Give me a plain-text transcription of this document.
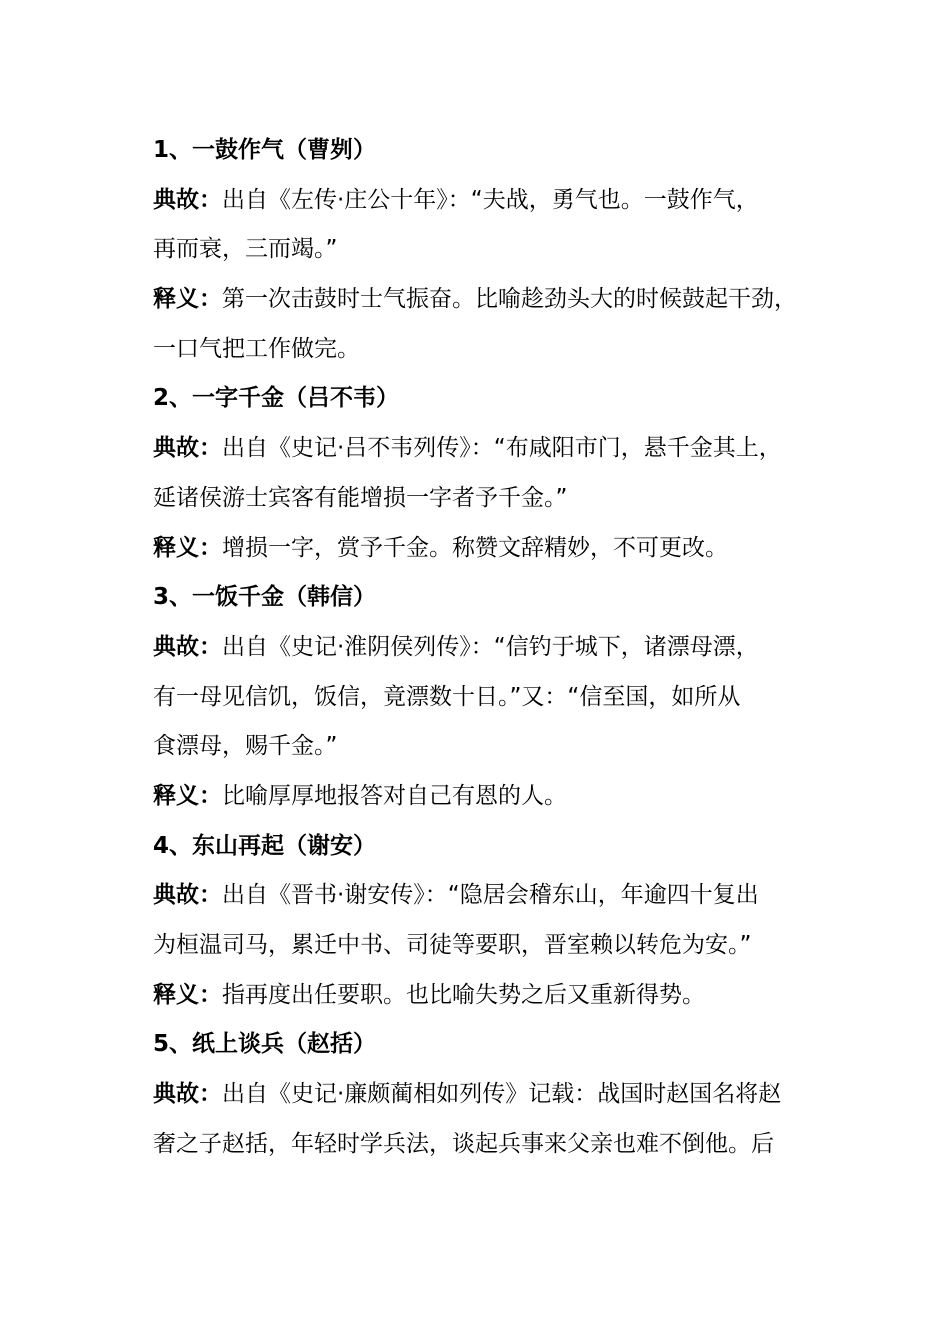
1、一鼓作气（曹刿）
典故：出自《左传·庄公十年》：“夫战，勇气也。一鼓作气，
再而衰，三而竭。”
释义：第一次击鼓时士气振奋。比喻趁劲头大的时候鼓起干劲，
一口气把工作做完。
2、一字千金（吕不韦）
典故：出自《史记·吕不韦列传》：“布咸阳市门，悬千金其上，
延诸侯游士宾客有能增损一字者予千金。”
释义：增损一字，赏予千金。称赞文辞精妙，不可更改。
3、一饭千金（韩信）
典故：出自《史记·淮阴侯列传》：“信钓于城下，诸漂母漂，
有一母见信饥，饭信，竟漂数十日。”又：“信至国，如所从
食漂母，赐千金。”
释义：比喻厚厚地报答对自己有恩的人。
4、东山再起（谢安）
典故：出自《晋书·谢安传》：“隐居会稽东山，年逾四十复出
为桓温司马，累迁中书、司徒等要职，晋室赖以转危为安。”
释义：指再度出任要职。也比喻失势之后又重新得势。
5、纸上谈兵（赵括）
典故：出自《史记·廉颇蔺相如列传》记载：战国时赵国名将赵
奢之子赵括，年轻时学兵法，谈起兵事来父亲也难不倒他。后
